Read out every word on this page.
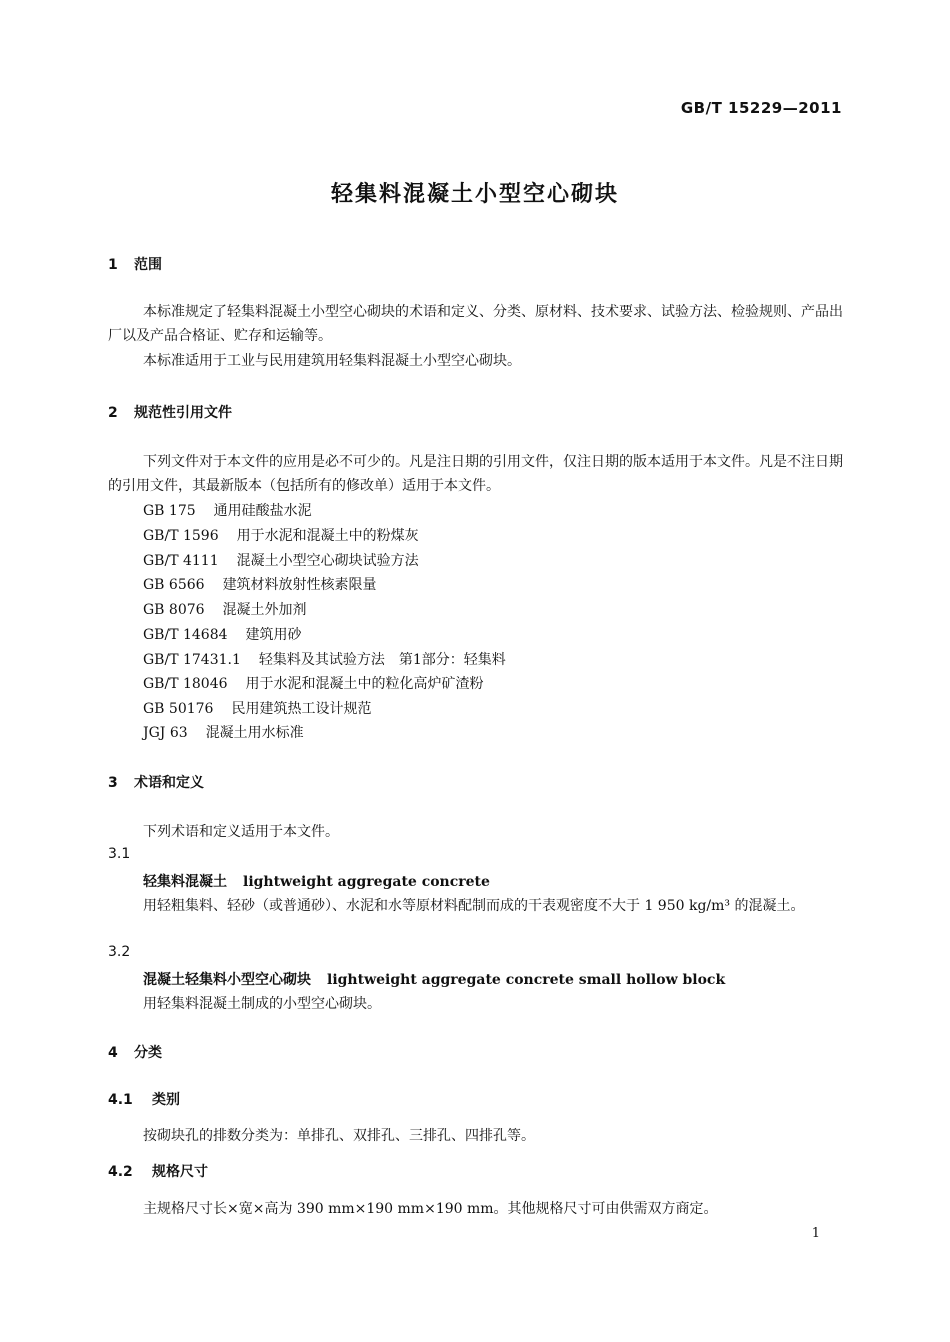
GB/T 15229—2011
轻集料混凝土小型空心砌块
1 范围
本标准规定了轻集料混凝土小型空心砌块的术语和定义、分类、原材料、技术要求、试验方法、检验规则、产品出厂以及产品合格证、贮存和运输等。
本标准适用于工业与民用建筑用轻集料混凝土小型空心砌块。
2 规范性引用文件
下列文件对于本文件的应用是必不可少的。凡是注日期的引用文件，仅注日期的版本适用于本文件。凡是不注日期的引用文件，其最新版本（包括所有的修改单）适用于本文件。
GB 175 通用硅酸盐水泥
GB/T 1596 用于水泥和混凝土中的粉煤灰
GB/T 4111 混凝土小型空心砌块试验方法
GB 6566 建筑材料放射性核素限量
GB 8076 混凝土外加剂
GB/T 14684 建筑用砂
GB/T 17431.1 轻集料及其试验方法　第1部分：轻集料
GB/T 18046 用于水泥和混凝土中的粒化高炉矿渣粉
GB 50176 民用建筑热工设计规范
JGJ 63 混凝土用水标准
3 术语和定义
下列术语和定义适用于本文件。
3.1
轻集料混凝土 lightweight aggregate concrete
用轻粗集料、轻砂（或普通砂）、水泥和水等原材料配制而成的干表观密度不大于 1 950 kg/m³ 的混凝土。
3.2
混凝土轻集料小型空心砌块 lightweight aggregate concrete small hollow block
用轻集料混凝土制成的小型空心砌块。
4 分类
4.1 类别
按砌块孔的排数分类为：单排孔、双排孔、三排孔、四排孔等。
4.2 规格尺寸
主规格尺寸长×宽×高为 390 mm×190 mm×190 mm。其他规格尺寸可由供需双方商定。
1
